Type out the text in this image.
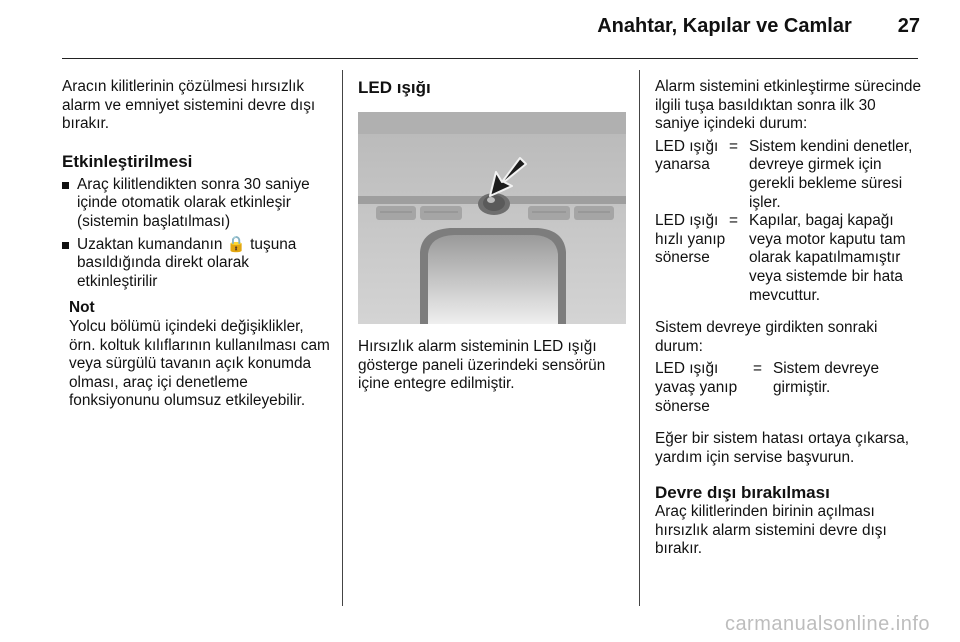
Anahtar, Kapılar ve Camlar 27

Aracın kilitlerinin çözülmesi hırsızlık alarm ve emniyet sistemini devre dışı bırakır.

Etkinleştirilmesi
Araç kilitlendikten sonra 30 saniye içinde otomatik olarak etkinleşir (sistemin başlatılması)
Uzaktan kumandanın 🔒 tuşuna basıldığında direkt olarak etkinleştirilir
Not

Yolcu bölümü içindeki değişiklikler, örn. koltuk kılıflarının kullanılması cam veya sürgülü tavanın açık konumda olması, araç içi denetleme fonksiyonunu olumsuz etkileyebilir.

LED ışığı

Hırsızlık alarm sisteminin LED ışığı gösterge paneli üzerindeki sensörün içine entegre edilmiştir.

Alarm sistemini etkinleştirme sürecinde ilgili tuşa basıldıktan sonra ilk 30 saniye içindeki durum:

LED ışığı yanarsa	=	Sistem kendini denetler, devreye girmek için gerekli bekleme süresi işler.
LED ışığı hızlı yanıp sönerse	=	Kapılar, bagaj kapağı veya motor kaputu tam olarak kapatılmamıştır veya sistemde bir hata mevcuttur.

Sistem devreye girdikten sonraki durum:

LED ışığı yavaş yanıp sönerse	=	Sistem devreye girmiştir.

Eğer bir sistem hatası ortaya çıkarsa, yardım için servise başvurun.

Devre dışı bırakılması

Araç kilitlerinden birinin açılması hırsızlık alarm sistemini devre dışı bırakır.

carmanualsonline.info
